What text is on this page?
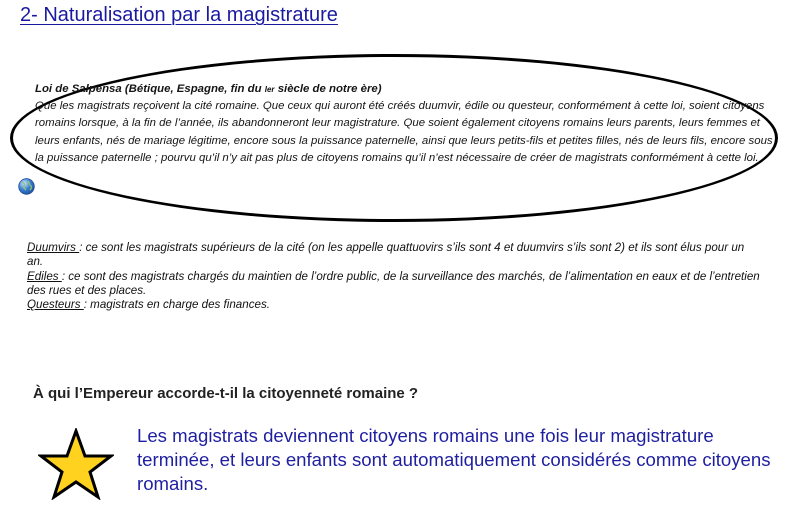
2- Naturalisation par la magistrature
Loi de Salpensa (Bétique, Espagne, fin du Ier siècle de notre ère)
Que les magistrats reçoivent la cité romaine. Que ceux qui auront été créés duumvir, édile ou questeur, conformément à cette loi, soient citoyens romains lorsque, à la fin de l’année, ils abandonneront leur magistrature. Que soient également citoyens romains leurs parents, leurs femmes et leurs enfants, nés de mariage légitime, encore sous la puissance paternelle, ainsi que leurs petits-fils et petites filles, nés de leurs fils, encore sous la puissance paternelle ; pourvu qu’il n’y ait pas plus de citoyens romains qu’il n’est nécessaire de créer de magistrats conformément à cette loi.
Duumvirs : ce sont les magistrats supérieurs de la cité (on les appelle quattuovirs s’ils sont 4 et duumvirs s’ils sont 2) et ils sont élus pour un an.
Ediles : ce sont des magistrats chargés du maintien de l’ordre public, de la surveillance des marchés, de l’alimentation en eaux et de l’entretien des rues et des places.
Questeurs : magistrats en charge des finances.
À qui l’Empereur accorde-t-il la citoyenneté romaine ?
Les magistrats deviennent citoyens romains une fois leur magistrature terminée, et leurs enfants sont automatiquement considérés comme citoyens romains.
